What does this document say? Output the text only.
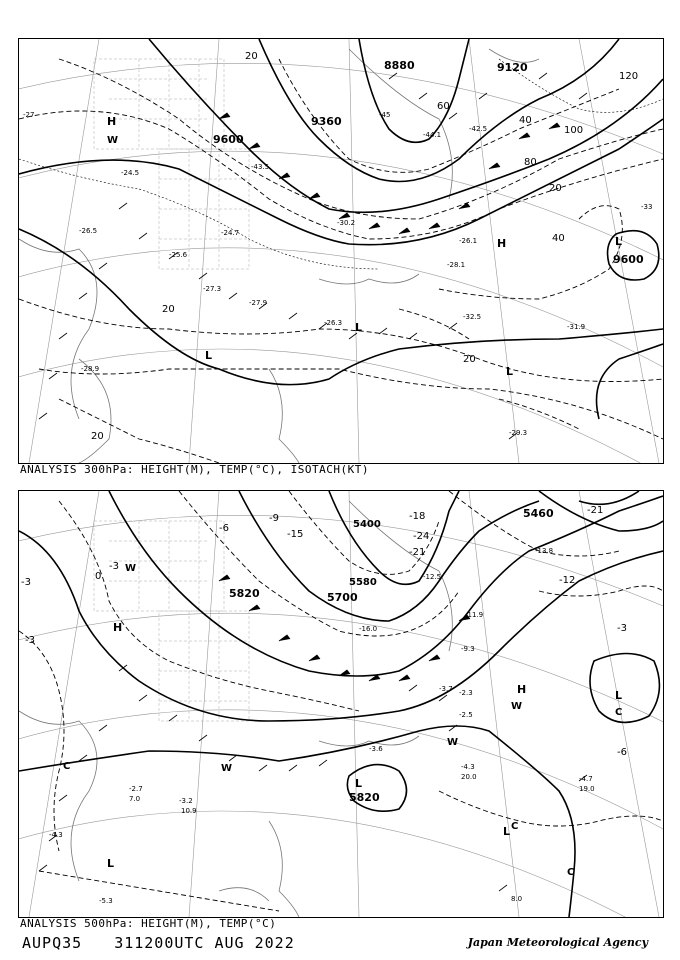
9600
9360
8880	9120
9600
20
40
60
80
100
120
20
40
20
20
20
H
W
H	L
L
L
L
-27
-26.5
-24.5
-25.6
-27.3
-26.3
-27.9
-24.7
-30.2
-32.5
-31.9
-29.3
-28.9
-44.1
-43.5
-42.5
-45
-33
-28.1
-26.1
ANALYSIS 300hPa: HEIGHT(M), TEMP(°C), ISOTACH(KT)
5700
5820
5460
5820
5580
5400
-3
-3
0
-3
-6
-9
-12
-15
-18
-21
-24
-3
-6
-21
H
W
H
W
L
L
L
C
C
W
C
W
L C
-4.3
-3.7
-5.3
-4.3
-4.7
-3.6
-2.7
-3.2
-2.3
-2.5
-13.8
-12.5
-16.0
-11.9
-9.3
7.0
19.0
20.0
8.0
10.9
ANALYSIS 500hPa: HEIGHT(M), TEMP(°C)
AUPQ35 311200UTC AUG 2022	Japan Meteorological Agency
